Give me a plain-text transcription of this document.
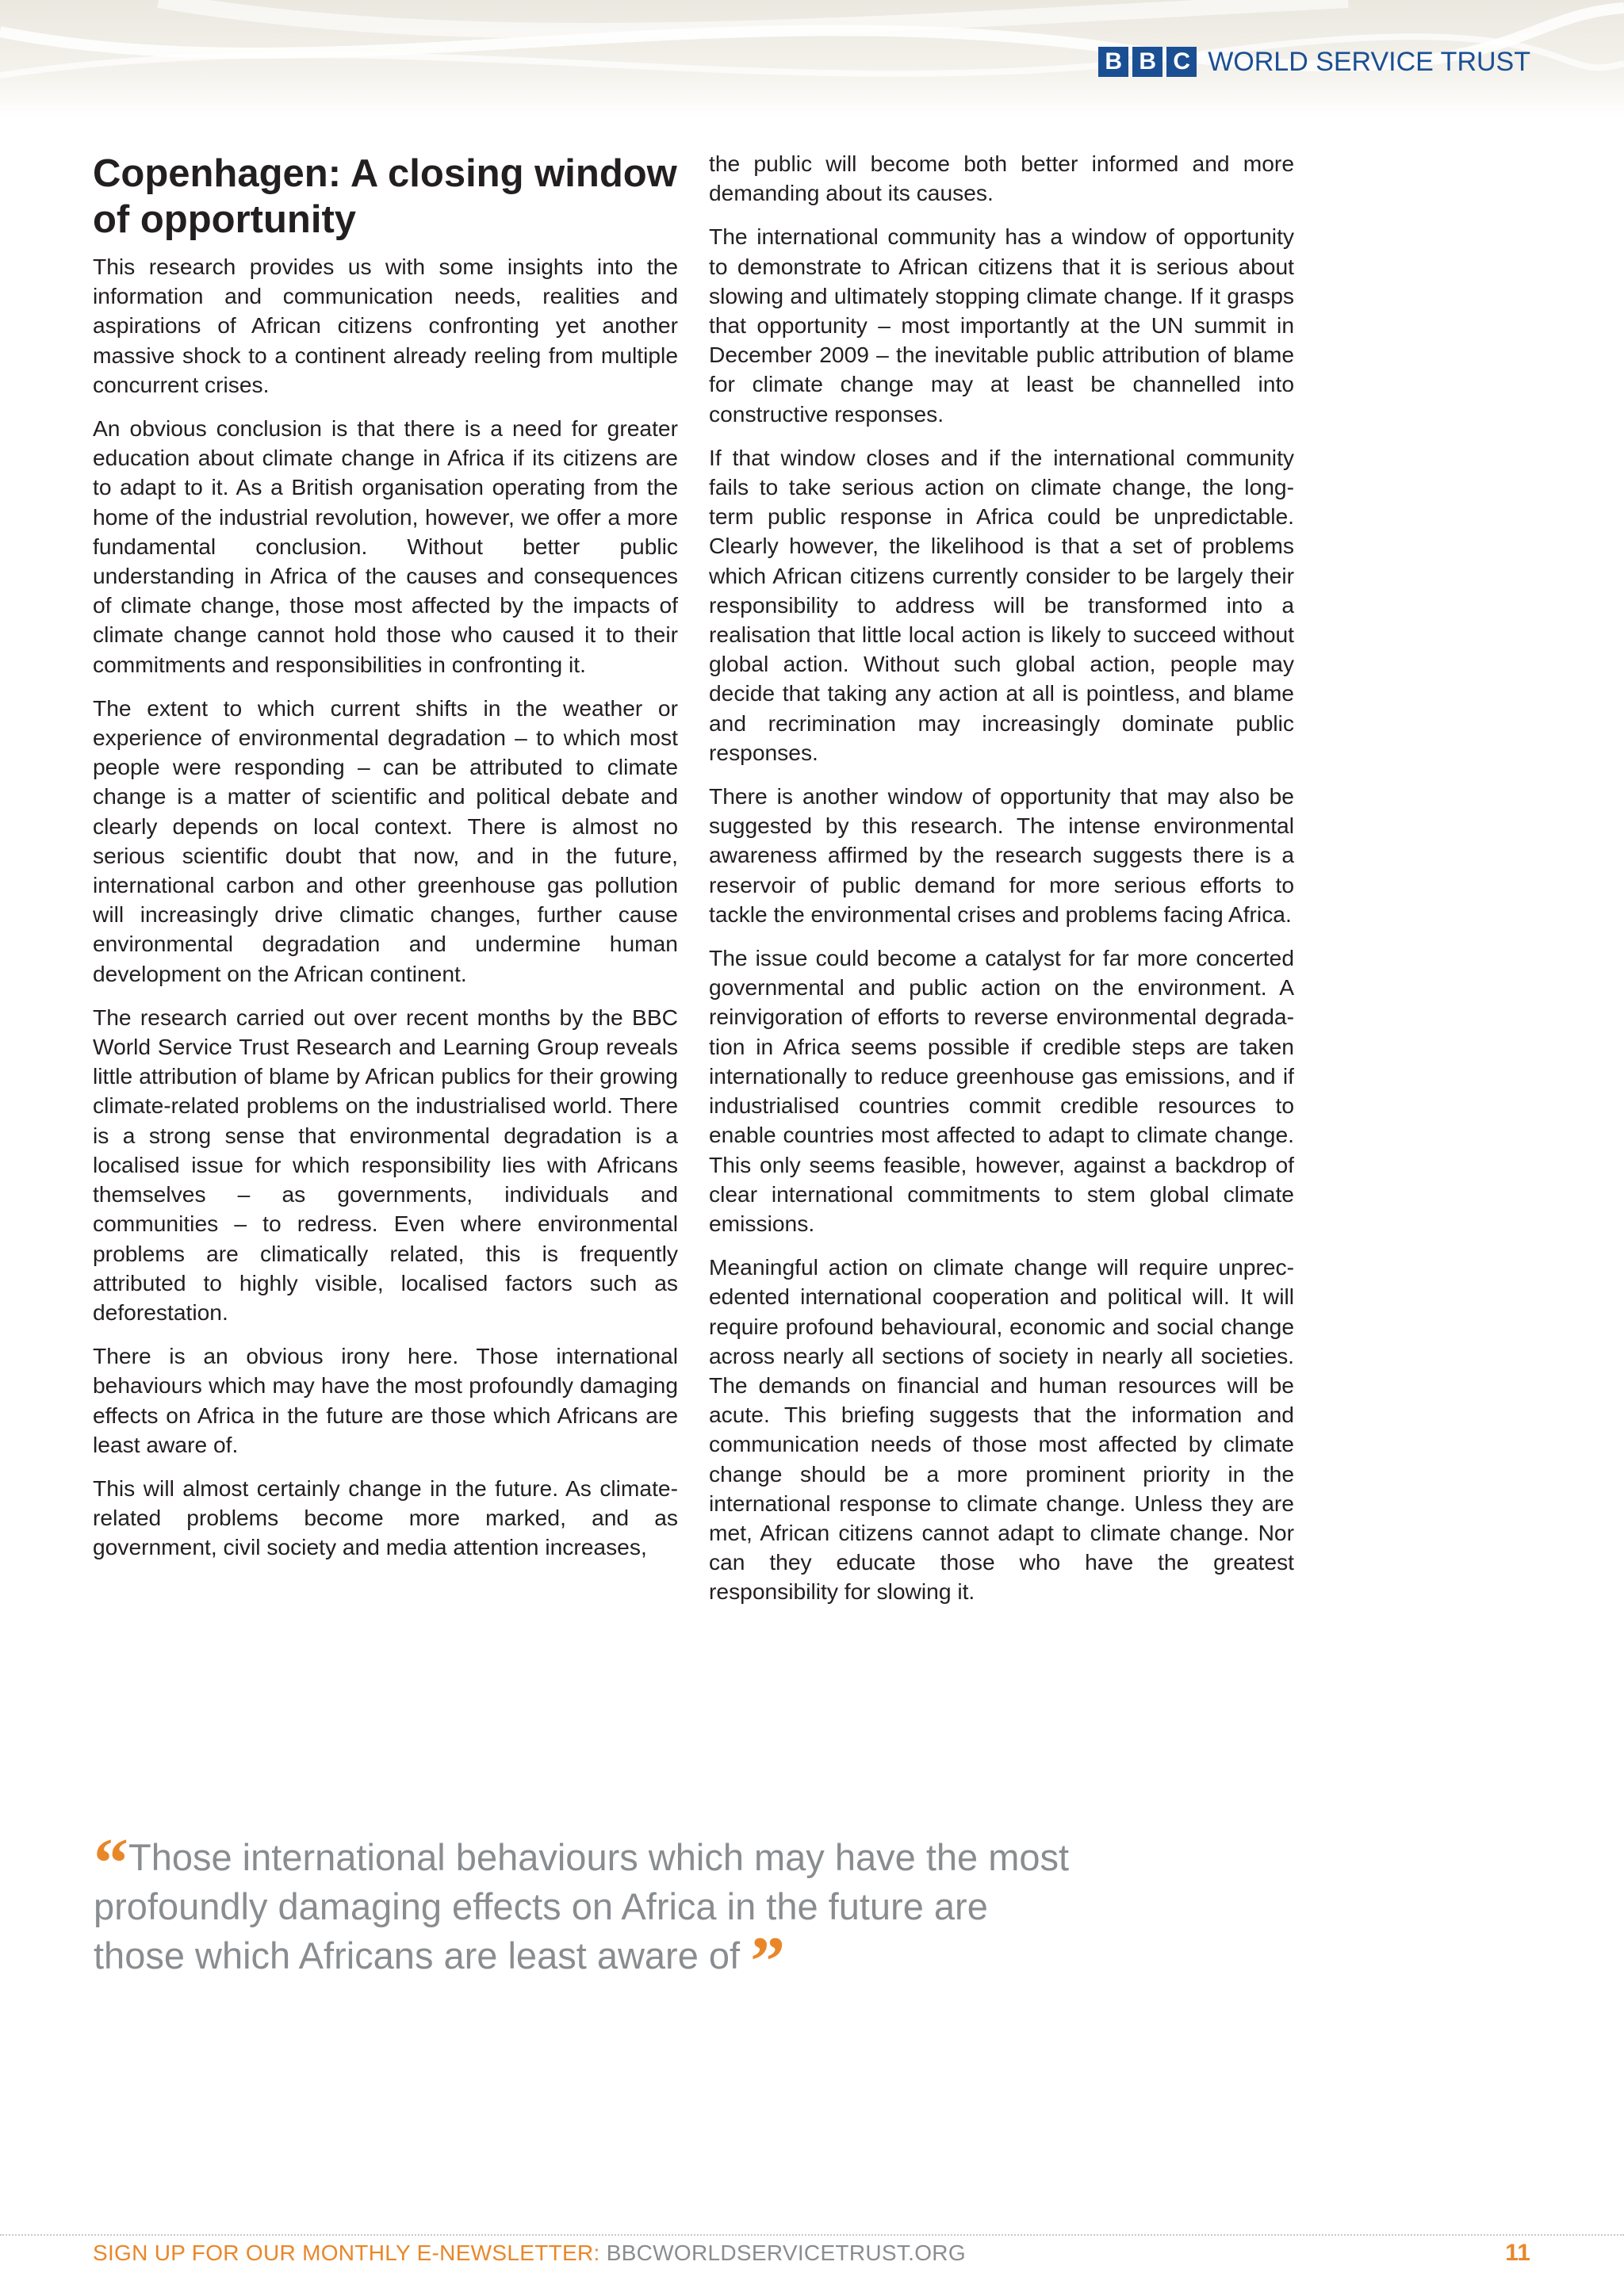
B B C WORLD SERVICE TRUST
Copenhagen: A closing window of opportunity

This research provides us with some insights into the information and communication needs, realities and aspirations of African citizens confronting yet another massive shock to a continent already reeling from multiple concurrent crises.

An obvious conclusion is that there is a need for greater education about climate change in Africa if its citizens are to adapt to it. As a British organisation operating from the home of the industrial revolution, however, we offer a more fundamental conclusion. Without better public understanding in Africa of the causes and consequences of climate change, those most affected by the impacts of climate change cannot hold those who caused it to their commitments and responsibilities in confronting it.

The extent to which current shifts in the weather or experience of environmental degradation – to which most people were responding – can be attributed to climate change is a matter of scientific and political debate and clearly depends on local context. There is almost no serious scientific doubt that now, and in the future, international carbon and other greenhouse gas pollution will increasingly drive climatic changes, further cause environmental degradation and undermine human development on the African continent.

The research carried out over recent months by the BBC World Service Trust Research and Learning Group reveals little attribution of blame by African publics for their growing climate-related problems on the industrialised world. There is a strong sense that environmental degradation is a localised issue for which responsibility lies with Africans themselves – as governments, individuals and communities – to redress. Even where environmental problems are climatically related, this is frequently attributed to highly visible, localised factors such as deforestation.

There is an obvious irony here. Those international behaviours which may have the most profoundly damaging effects on Africa in the future are those which Africans are least aware of.

This will almost certainly change in the future. As climate-related problems become more marked, and as government, civil society and media attention increases,

the public will become both better informed and more demanding about its causes.

The international community has a window of opportunity to demonstrate to African citizens that it is serious about slowing and ultimately stopping climate change. If it grasps that opportunity – most importantly at the UN summit in December 2009 – the inevitable public attribution of blame for climate change may at least be channelled into constructive responses.

If that window closes and if the international community fails to take serious action on climate change, the long-term public response in Africa could be unpredictable. Clearly however, the likelihood is that a set of problems which African citizens currently consider to be largely their responsibility to address will be transformed into a realisation that little local action is likely to succeed without global action. Without such global action, people may decide that taking any action at all is pointless, and blame and recrimination may increasingly dominate public responses.

There is another window of opportunity that may also be suggested by this research. The intense environmental awareness affirmed by the research suggests there is a reservoir of public demand for more serious efforts to tackle the environmental crises and problems facing Africa.

The issue could become a catalyst for far more concerted governmental and public action on the environment. A reinvigoration of efforts to reverse environmental degradation in Africa seems possible if credible steps are taken internationally to reduce greenhouse gas emissions, and if industrialised countries commit credible resources to enable countries most affected to adapt to climate change. This only seems feasible, however, against a backdrop of clear international commitments to stem global climate emissions.

Meaningful action on climate change will require unprecedented international cooperation and political will. It will require profound behavioural, economic and social change across nearly all sections of society in nearly all societies. The demands on financial and human resources will be acute. This briefing suggests that the information and communication needs of those most affected by climate change should be a more prominent priority in the international response to climate change. Unless they are met, African citizens cannot adapt to climate change. Nor can they educate those who have the greatest responsibility for slowing it.

“Those international behaviours which may have the most profoundly damaging effects on Africa in the future are those which Africans are least aware of ”
SIGN UP FOR OUR MONTHLY E-NEWSLETTER: BBCWORLDSERVICETRUST.ORG	11
